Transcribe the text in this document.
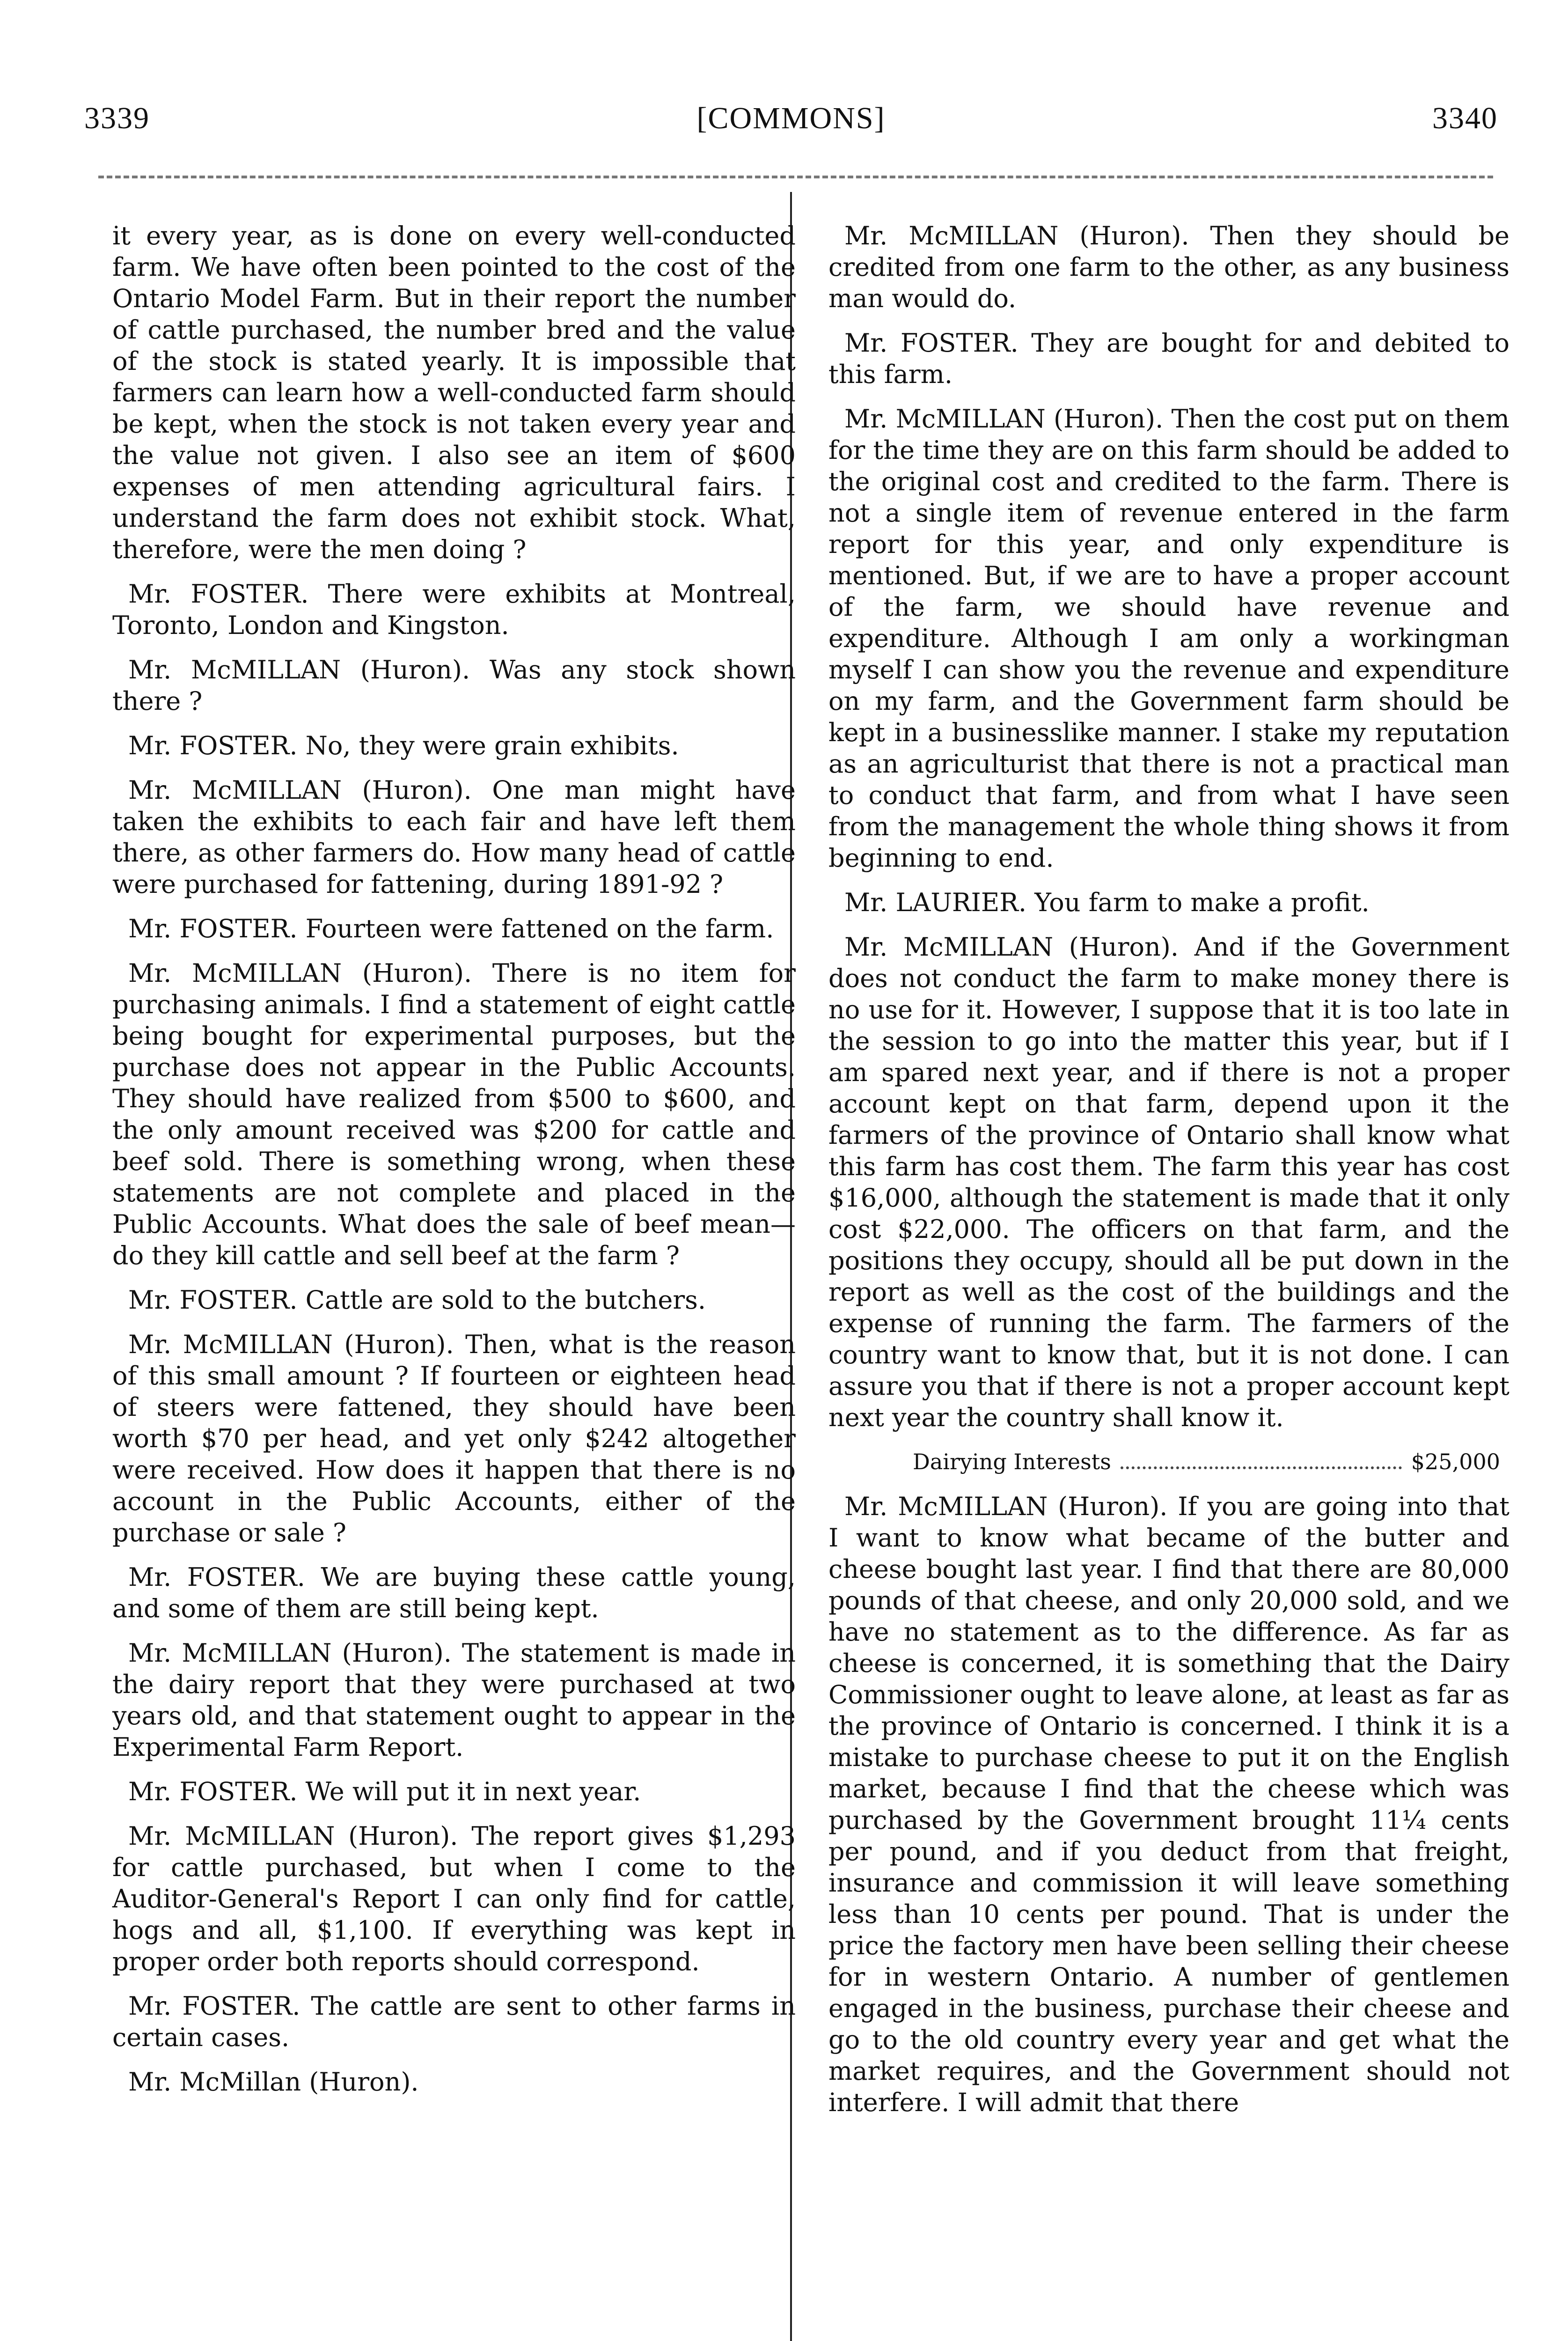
3339	[COMMONS]	3340

it every year, as is done on every well-conducted farm. We have often been pointed to the cost of the Ontario Model Farm. But in their report the number of cattle purchased, the number bred and the value of the stock is stated yearly. It is impossible that farmers can learn how a well-conducted farm should be kept, when the stock is not taken every year and the value not given. I also see an item of $600 expenses of men attending agricultural fairs. I understand the farm does not exhibit stock. What, therefore, were the men doing ?

Mr. FOSTER. There were exhibits at Montreal, Toronto, London and Kingston.

Mr. McMILLAN (Huron). Was any stock shown there ?

Mr. FOSTER. No, they were grain exhibits.

Mr. McMILLAN (Huron). One man might have taken the exhibits to each fair and have left them there, as other farmers do. How many head of cattle were purchased for fattening, during 1891-92 ?

Mr. FOSTER. Fourteen were fattened on the farm.

Mr. McMILLAN (Huron). There is no item for purchasing animals. I find a statement of eight cattle being bought for experimental purposes, but the purchase does not appear in the Public Accounts. They should have realized from $500 to $600, and the only amount received was $200 for cattle and beef sold. There is something wrong, when these statements are not complete and placed in the Public Accounts. What does the sale of beef mean—do they kill cattle and sell beef at the farm ?

Mr. FOSTER. Cattle are sold to the butchers.

Mr. McMILLAN (Huron). Then, what is the reason of this small amount ? If fourteen or eighteen head of steers were fattened, they should have been worth $70 per head, and yet only $242 altogether were received. How does it happen that there is no account in the Public Accounts, either of the purchase or sale ?

Mr. FOSTER. We are buying these cattle young, and some of them are still being kept.

Mr. McMILLAN (Huron). The statement is made in the dairy report that they were purchased at two years old, and that statement ought to appear in the Experimental Farm Report.

Mr. FOSTER. We will put it in next year.

Mr. McMILLAN (Huron). The report gives $1,293 for cattle purchased, but when I come to the Auditor-General's Report I can only find for cattle, hogs and all, $1,100. If everything was kept in proper order both reports should correspond.

Mr. FOSTER. The cattle are sent to other farms in certain cases.

Mr. McMillan (Huron).

Mr. McMILLAN (Huron). Then they should be credited from one farm to the other, as any business man would do.

Mr. FOSTER. They are bought for and debited to this farm.

Mr. McMILLAN (Huron). Then the cost put on them for the time they are on this farm should be added to the original cost and credited to the farm. There is not a single item of revenue entered in the farm report for this year, and only expenditure is mentioned. But, if we are to have a proper account of the farm, we should have revenue and expenditure. Although I am only a workingman myself I can show you the revenue and expenditure on my farm, and the Government farm should be kept in a businesslike manner. I stake my reputation as an agriculturist that there is not a practical man to conduct that farm, and from what I have seen from the management the whole thing shows it from beginning to end.

Mr. LAURIER. You farm to make a profit.

Mr. McMILLAN (Huron). And if the Government does not conduct the farm to make money there is no use for it. However, I suppose that it is too late in the session to go into the matter this year, but if I am spared next year, and if there is not a proper account kept on that farm, depend upon it the farmers of the province of Ontario shall know what this farm has cost them. The farm this year has cost $16,000, although the statement is made that it only cost $22,000. The officers on that farm, and the positions they occupy, should all be put down in the report as well as the cost of the buildings and the expense of running the farm. The farmers of the country want to know that, but it is not done. I can assure you that if there is not a proper account kept next year the country shall know it.

Dairying Interests	$25,000

Mr. McMILLAN (Huron). If you are going into that I want to know what became of the butter and cheese bought last year. I find that there are 80,000 pounds of that cheese, and only 20,000 sold, and we have no statement as to the difference. As far as cheese is concerned, it is something that the Dairy Commissioner ought to leave alone, at least as far as the province of Ontario is concerned. I think it is a mistake to purchase cheese to put it on the English market, because I find that the cheese which was purchased by the Government brought 11¼ cents per pound, and if you deduct from that freight, insurance and commission it will leave something less than 10 cents per pound. That is under the price the factory men have been selling their cheese for in western Ontario. A number of gentlemen engaged in the business, purchase their cheese and go to the old country every year and get what the market requires, and the Government should not interfere. I will admit that there
